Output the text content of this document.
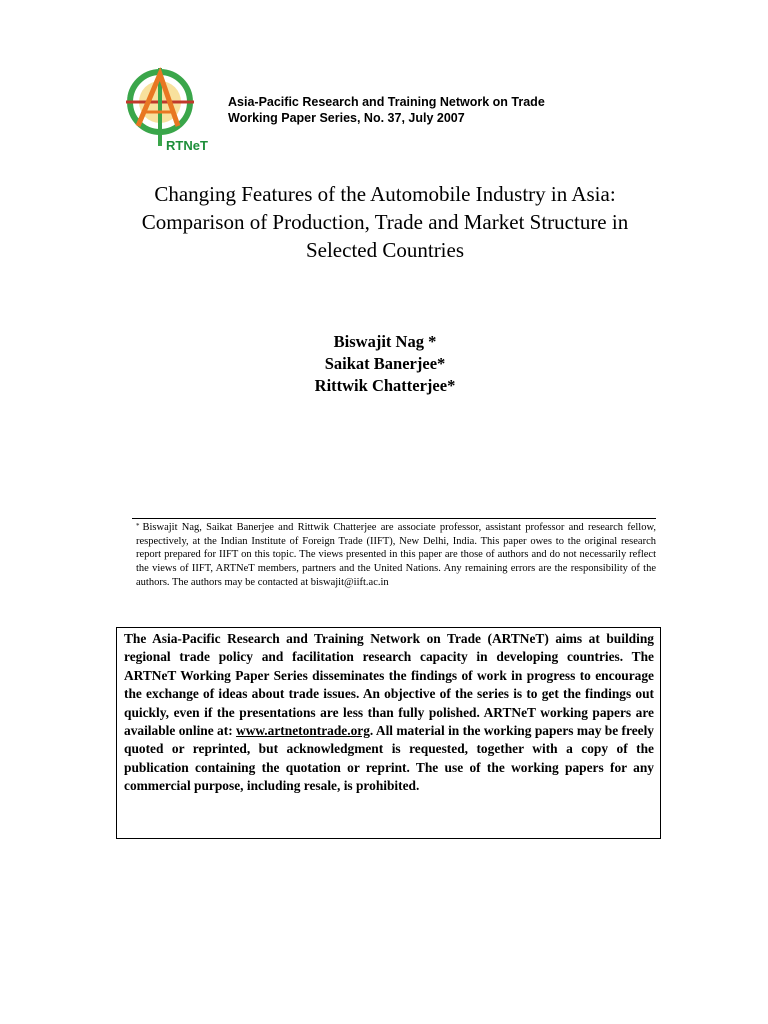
RTNeT
Asia-Pacific Research and Training Network on Trade
Working Paper Series, No. 37, July 2007
Changing Features of the Automobile Industry in Asia:
Comparison of Production, Trade and Market Structure in
Selected Countries
Biswajit Nag *
Saikat Banerjee*
Rittwik Chatterjee*
* Biswajit Nag, Saikat Banerjee and Rittwik Chatterjee are associate professor, assistant professor and research fellow, respectively, at the Indian Institute of Foreign Trade (IIFT), New Delhi, India. This paper owes to the original research report prepared for IIFT on this topic. The views presented in this paper are those of authors and do not necessarily reflect the views of IIFT, ARTNeT members, partners and the United Nations. Any remaining errors are the responsibility of the authors. The authors may be contacted at biswajit@iift.ac.in

The Asia-Pacific Research and Training Network on Trade (ARTNeT) aims at building regional trade policy and facilitation research capacity in developing countries. The ARTNeT Working Paper Series disseminates the findings of work in progress to encourage the exchange of ideas about trade issues. An objective of the series is to get the findings out quickly, even if the presentations are less than fully polished. ARTNeT working papers are available online at: www.artnetontrade.org. All material in the working papers may be freely quoted or reprinted, but acknowledgment is requested, together with a copy of the publication containing the quotation or reprint. The use of the working papers for any commercial purpose, including resale, is prohibited.
